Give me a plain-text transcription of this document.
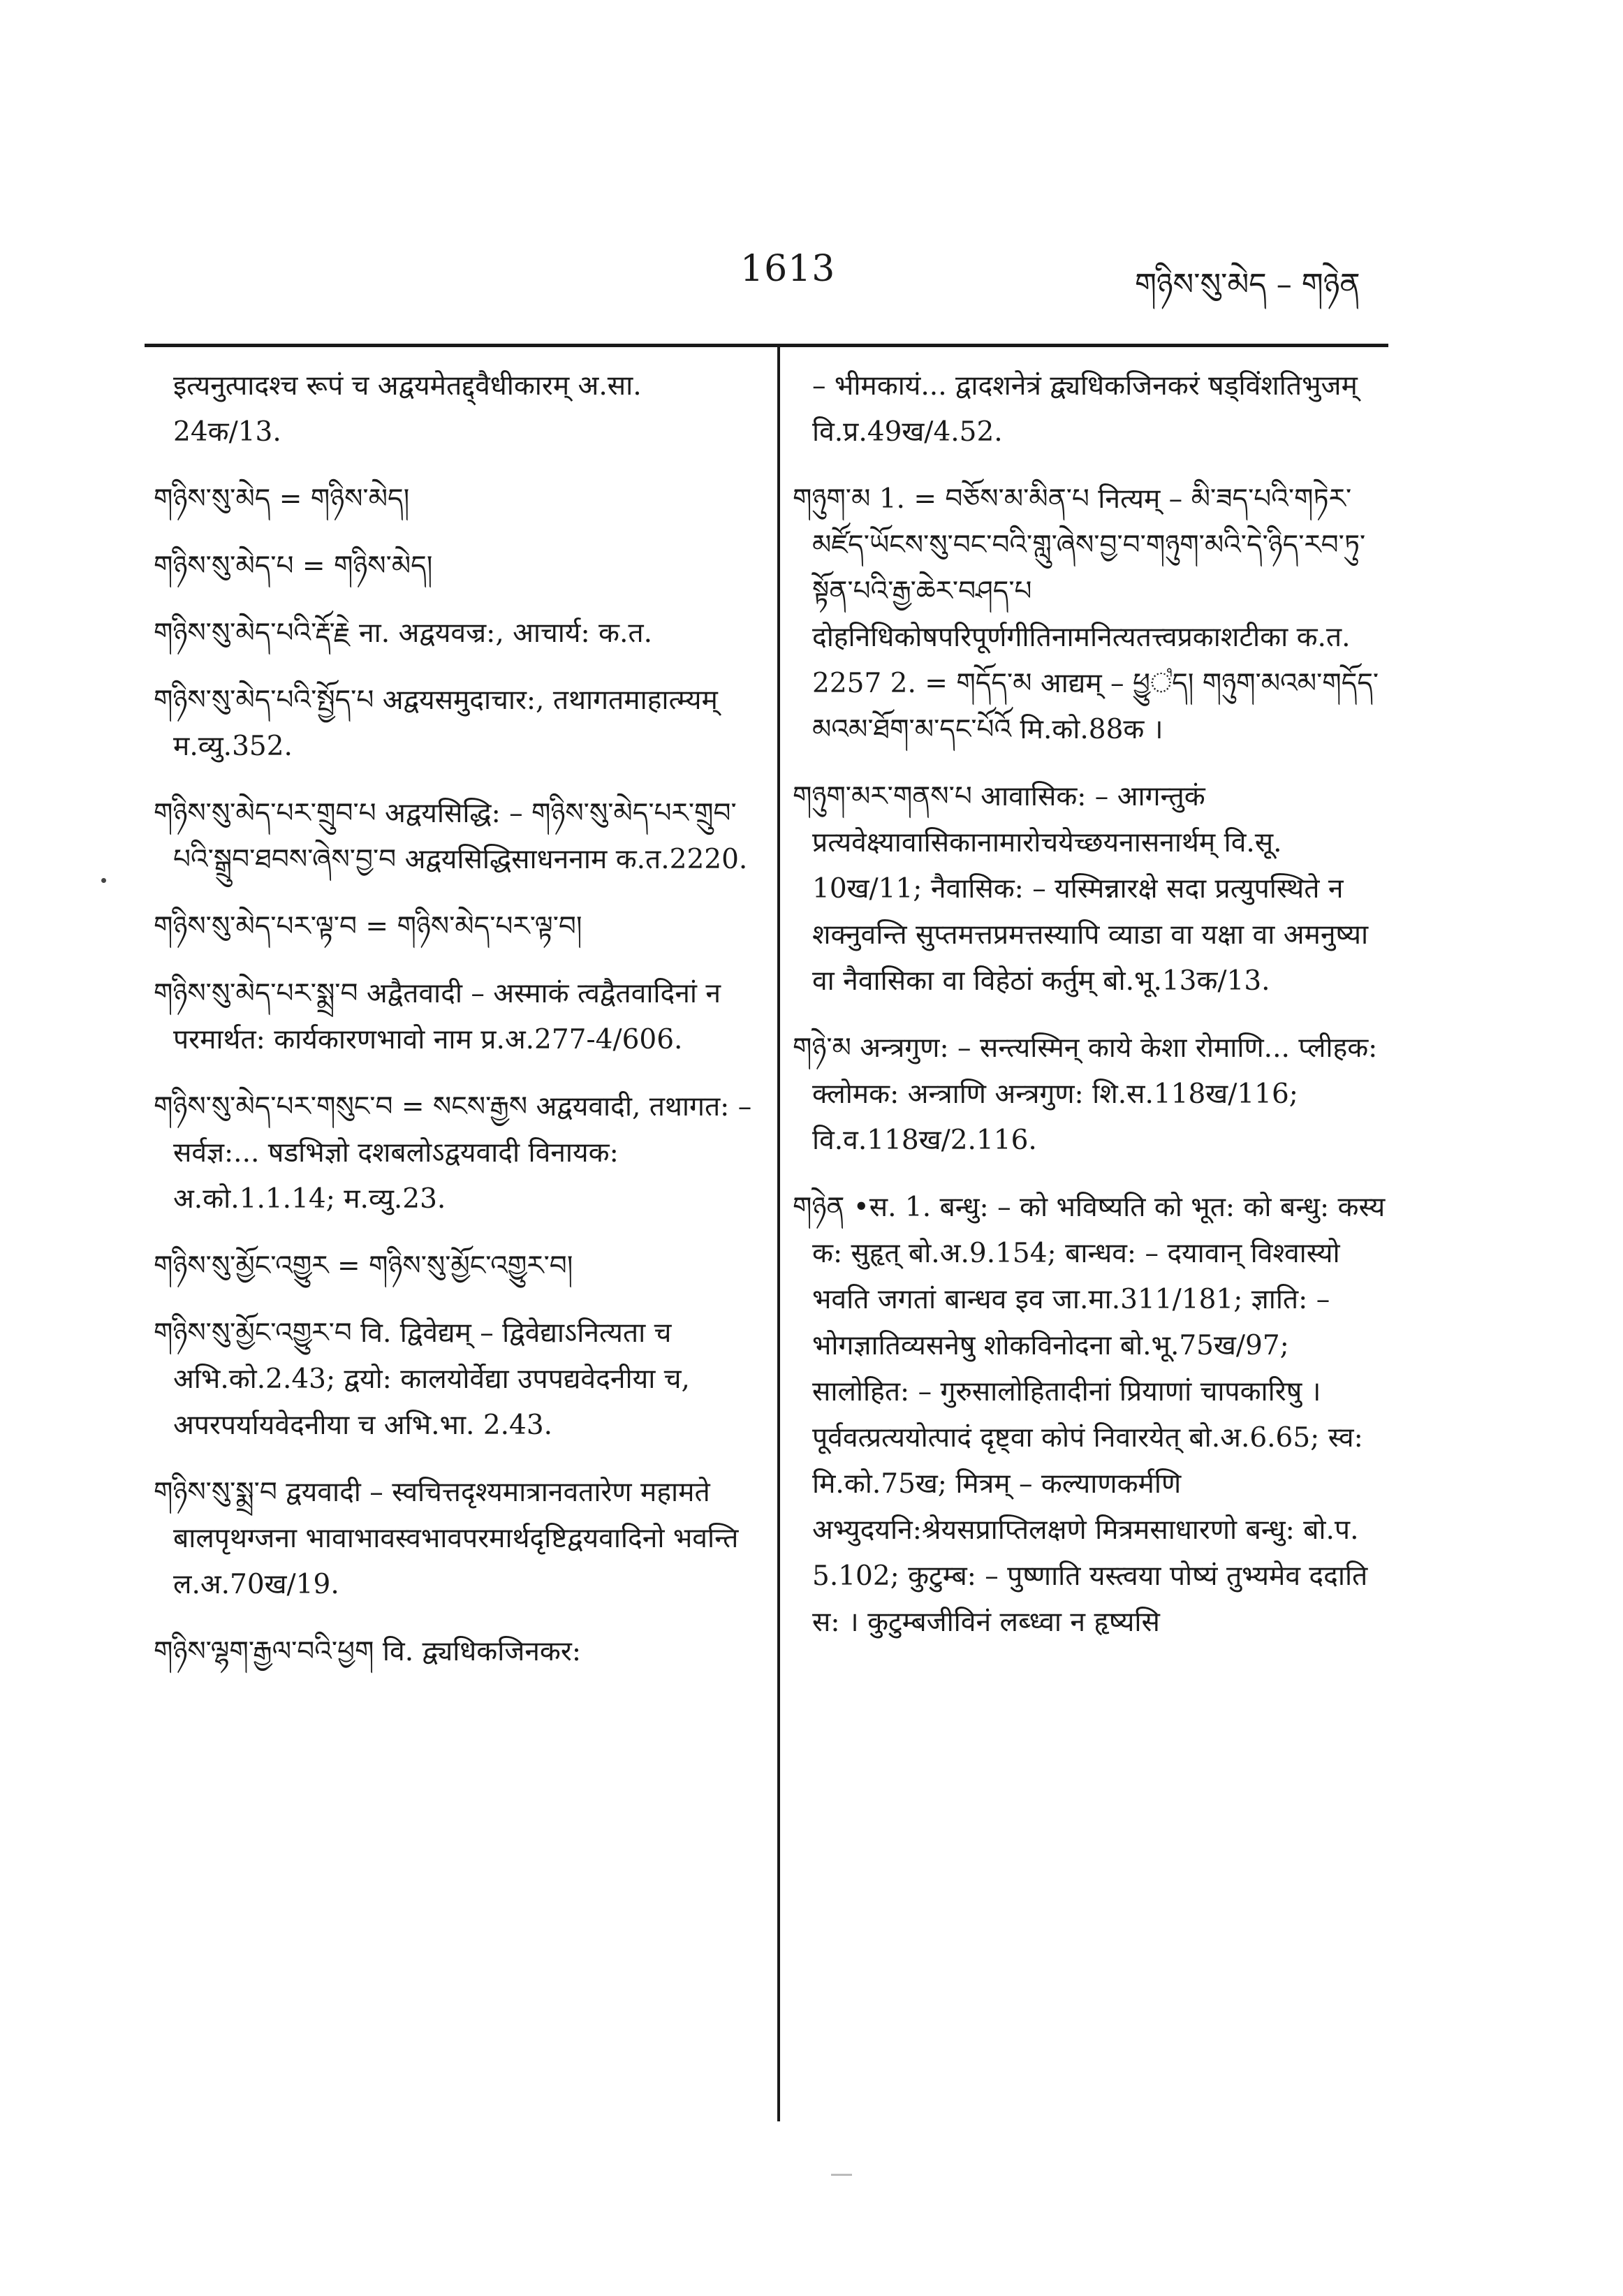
1613	གཉིས་སུ་མེད – གཉེན

इत्यनुत्पादश्च रूपं च अद्वयमेतद्द्वैधीकारम् अ.सा. 24क/13.

གཉིས་སུ་མེད = གཉིས་མེད།

གཉིས་སུ་མེད་པ = གཉིས་མེད།

གཉིས་སུ་མེད་པའི་རྡོ་རྗེ ना. अद्वयवज्र:, आचार्य: क.त.

གཉིས་སུ་མེད་པའི་སྤྱོད་པ अद्वयसमुदाचार:, तथागतमाहात्म्यम् म.व्यु.352.

གཉིས་སུ་མེད་པར་གྲུབ་པ अद्वयसिद्धि: – གཉིས་སུ་མེད་པར་གྲུབ་པའི་སྒྲུབ་ཐབས་ཞེས་བྱ་བ अद्वयसिद्धिसाधननाम क.त.2220.

གཉིས་སུ་མེད་པར་ལྟ་བ = གཉིས་མེད་པར་ལྟ་བ།

གཉིས་སུ་མེད་པར་སྨྲ་བ अद्वैतवादी – अस्माकं त्वद्वैतवादिनां न परमार्थत: कार्यकारणभावो नाम प्र.अ.277-4/606.

གཉིས་སུ་མེད་པར་གསུང་བ = སངས་རྒྱས अद्वयवादी, तथागत: – सर्वज्ञ:... षडभिज्ञो दशबलोऽद्वयवादी विनायक: अ.को.1.1.14; म.व्यु.23.

གཉིས་སུ་མྱོང་འགྱུར = གཉིས་སུ་མྱོང་འགྱུར་བ།

གཉིས་སུ་མྱོང་འགྱུར་བ वि. द्विवेद्यम् – द्विवेद्याऽनित्यता च अभि.को.2.43; द्वयो: कालयोर्वेद्या उपपद्यवेदनीया च, अपरपर्यायवेदनीया च अभि.भा. 2.43.

གཉིས་སུ་སྨྲ་བ द्वयवादी – स्वचित्तदृश्यमात्रानवतारेण महामते बालपृथग्जना भावाभावस्वभावपरमार्थदृष्टिद्वयवादिनो भवन्ति ल.अ.70ख/19.

གཉིས་ལྷག་རྒྱལ་བའི་ཕྱག वि. द्व्यधिकजिनकर:

– भीमकायं... द्वादशनेत्रं द्व्यधिकजिनकरं षड्विंशतिभुजम् वि.प्र.49ख/4.52.

གཉུག་མ 1. = བཅོས་མ་མིན་པ नित्यम् – མི་ཟད་པའི་གཏེར་མཛོད་ཡོངས་སུ་བང་བའི་གླུ་ཞེས་བྱ་བ་གཉུག་མའི་དེ་ཉིད་རབ་ཏུ་སྟོན་པའི་རྒྱ་ཆེར་བཤད་པ दोहनिधिकोषपरिपूर्णगीतिनामनित्यतत्त्वप्रकाशटीका क.त. 2257 2. = གདོད་མ आद्यम् – ཕྱུ꣡ད། གཉུག་མའམ་གདོད་མའམ་ཐོག་མ་དང་པོའོ मि.को.88क ।

གཉུག་མར་གནས་པ आवासिक: – आगन्तुकं प्रत्यवेक्ष्यावासिकानामारोचयेच्छयनासनार्थम् वि.सू. 10ख/11; नैवासिक: – यस्मिन्नारक्षे सदा प्रत्युपस्थिते न शक्नुवन्ति सुप्तमत्तप्रमत्तस्यापि व्याडा वा यक्षा वा अमनुष्या वा नैवासिका वा विहेठां कर्तुम् बो.भू.13क/13.

གཉེ་མ अन्त्रगुण: – सन्त्यस्मिन् काये केशा रोमाणि... प्लीहक: क्लोमक: अन्त्राणि अन्त्रगुण: शि.स.118ख/116; वि.व.118ख/2.116.

གཉེན •स. 1. बन्धु: – को भविष्यति को भूत: को बन्धु: कस्य क: सुहृत् बो.अ.9.154; बान्धव: – दयावान् विश्वास्यो भवति जगतां बान्धव इव जा.मा.311/181; ज्ञाति: – भोगज्ञातिव्यसनेषु शोकविनोदना बो.भू.75ख/97; सालोहित: – गुरुसालोहितादीनां प्रियाणां चापकारिषु । पूर्ववत्प्रत्ययोत्पादं दृष्ट्वा कोपं निवारयेत् बो.अ.6.65; स्व: मि.को.75ख; मित्रम् – कल्याणकर्मणि अभ्युदयनि:श्रेयसप्राप्तिलक्षणे मित्रमसाधारणो बन्धु: बो.प. 5.102; कुटुम्ब: – पुष्णाति यस्त्वया पोष्यं तुभ्यमेव ददाति स: । कुटुम्बजीविनं लब्ध्वा न हृष्यसि
